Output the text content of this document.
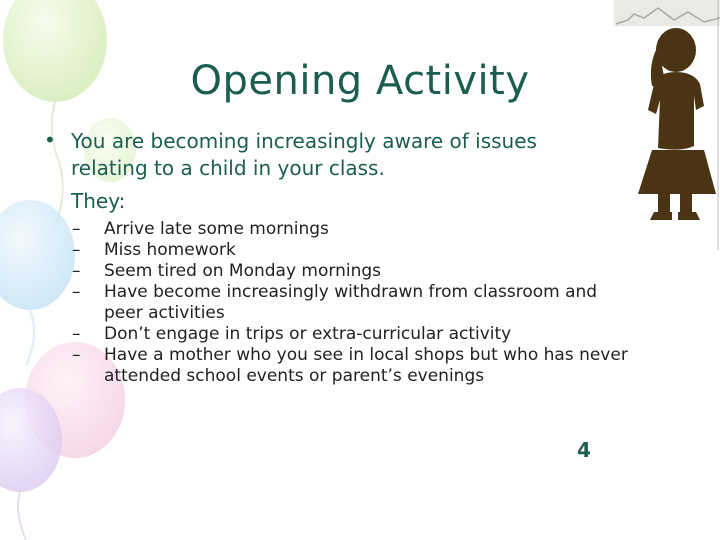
Opening Activity
• You are becoming increasingly aware of issues relating to a child in your class.
They:
– Arrive late some mornings
– Miss homework
– Seem tired on Monday mornings
– Have become increasingly withdrawn from classroom and peer activities
– Don’t engage in trips or extra-curricular activity
– Have a mother who you see in local shops but who has never attended school events or parent’s evenings
4
